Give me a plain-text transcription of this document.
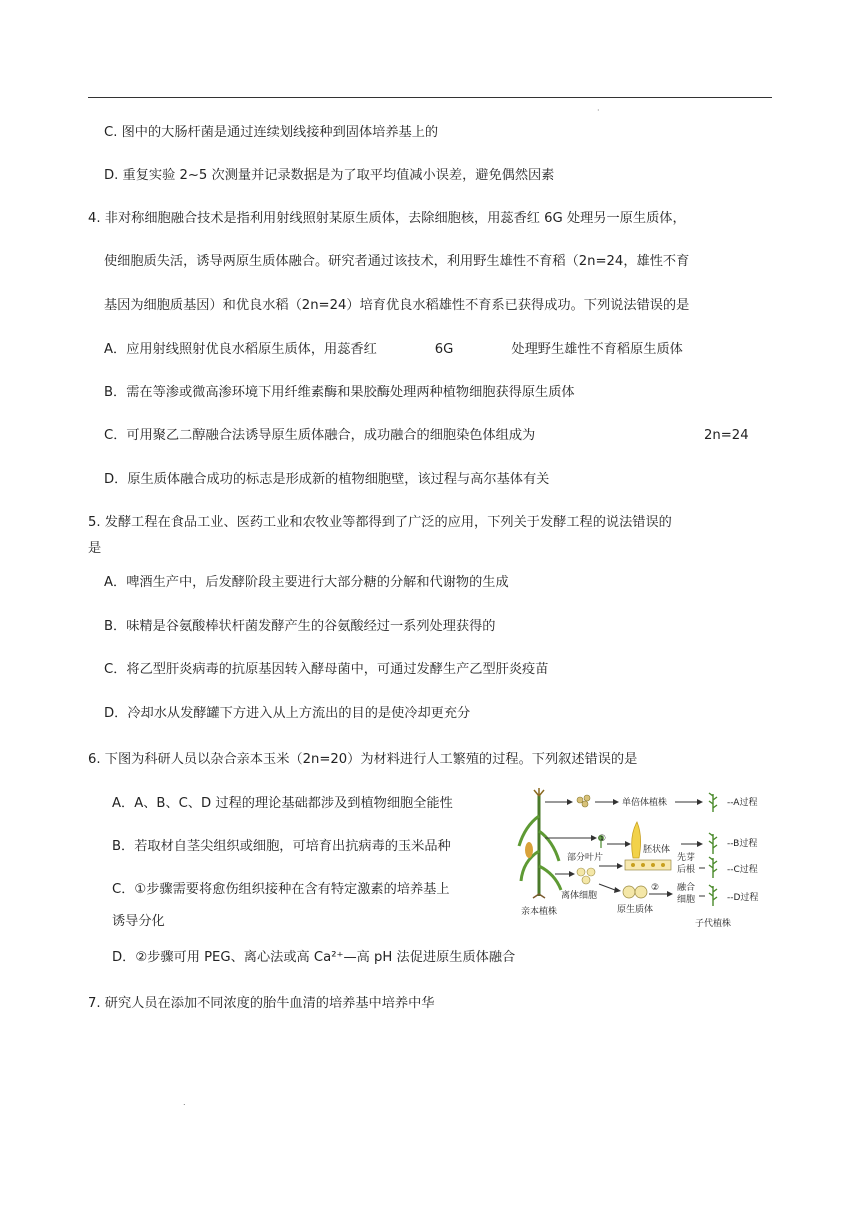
·
C. 图中的大肠杆菌是通过连续划线接种到固体培养基上的
D. 重复实验 2~5 次测量并记录数据是为了取平均值减小误差，避免偶然因素
4. 非对称细胞融合技术是指利用射线照射某原生质体，去除细胞核，用蕊香红 6G 处理另一原生质体，
使细胞质失活，诱导两原生质体融合。研究者通过该技术，利用野生雄性不育稻（2n=24，雄性不育
基因为细胞质基因）和优良水稻（2n=24）培育优良水稻雄性不育系已获得成功。下列说法错误的是
A．应用射线照射优良水稻原生质体，用蕊香红	6G	处理野生雄性不育稻原生质体
B．需在等渗或微高渗环境下用纤维素酶和果胶酶处理两种植物细胞获得原生质体
C．可用聚乙二醇融合法诱导原生质体融合，成功融合的细胞染色体组成为	2n=24
D．原生质体融合成功的标志是形成新的植物细胞壁，该过程与高尔基体有关
5. 发酵工程在食品工业、医药工业和农牧业等都得到了广泛的应用，下列关于发酵工程的说法错误的
是
A．啤酒生产中，后发酵阶段主要进行大部分糖的分解和代谢物的生成
B．味精是谷氨酸棒状杆菌发酵产生的谷氨酸经过一系列处理获得的
C．将乙型肝炎病毒的抗原基因转入酵母菌中，可通过发酵生产乙型肝炎疫苗
D．冷却水从发酵罐下方进入从上方流出的目的是使冷却更充分
6. 下图为科研人员以杂合亲本玉米（2n=20）为材料进行人工繁殖的过程。下列叙述错误的是
A．A、B、C、D 过程的理论基础都涉及到植物细胞全能性
B．若取材自茎尖组织或细胞，可培育出抗病毒的玉米品种
C．①步骤需要将愈伤组织接种在含有特定激素的培养基上
诱导分化
D．②步骤可用 PEG、离心法或高 Ca²⁺—高 pH 法促进原生质体融合
亲本植株
单倍体植株	--A过程
部分叶片
①
胚状体
--B过程
离体细胞
先芽
后根	--C过程
原生质体
② 融合
细胞	--D过程
子代植株
7. 研究人员在添加不同浓度的胎牛血清的培养基中培养中华
.
